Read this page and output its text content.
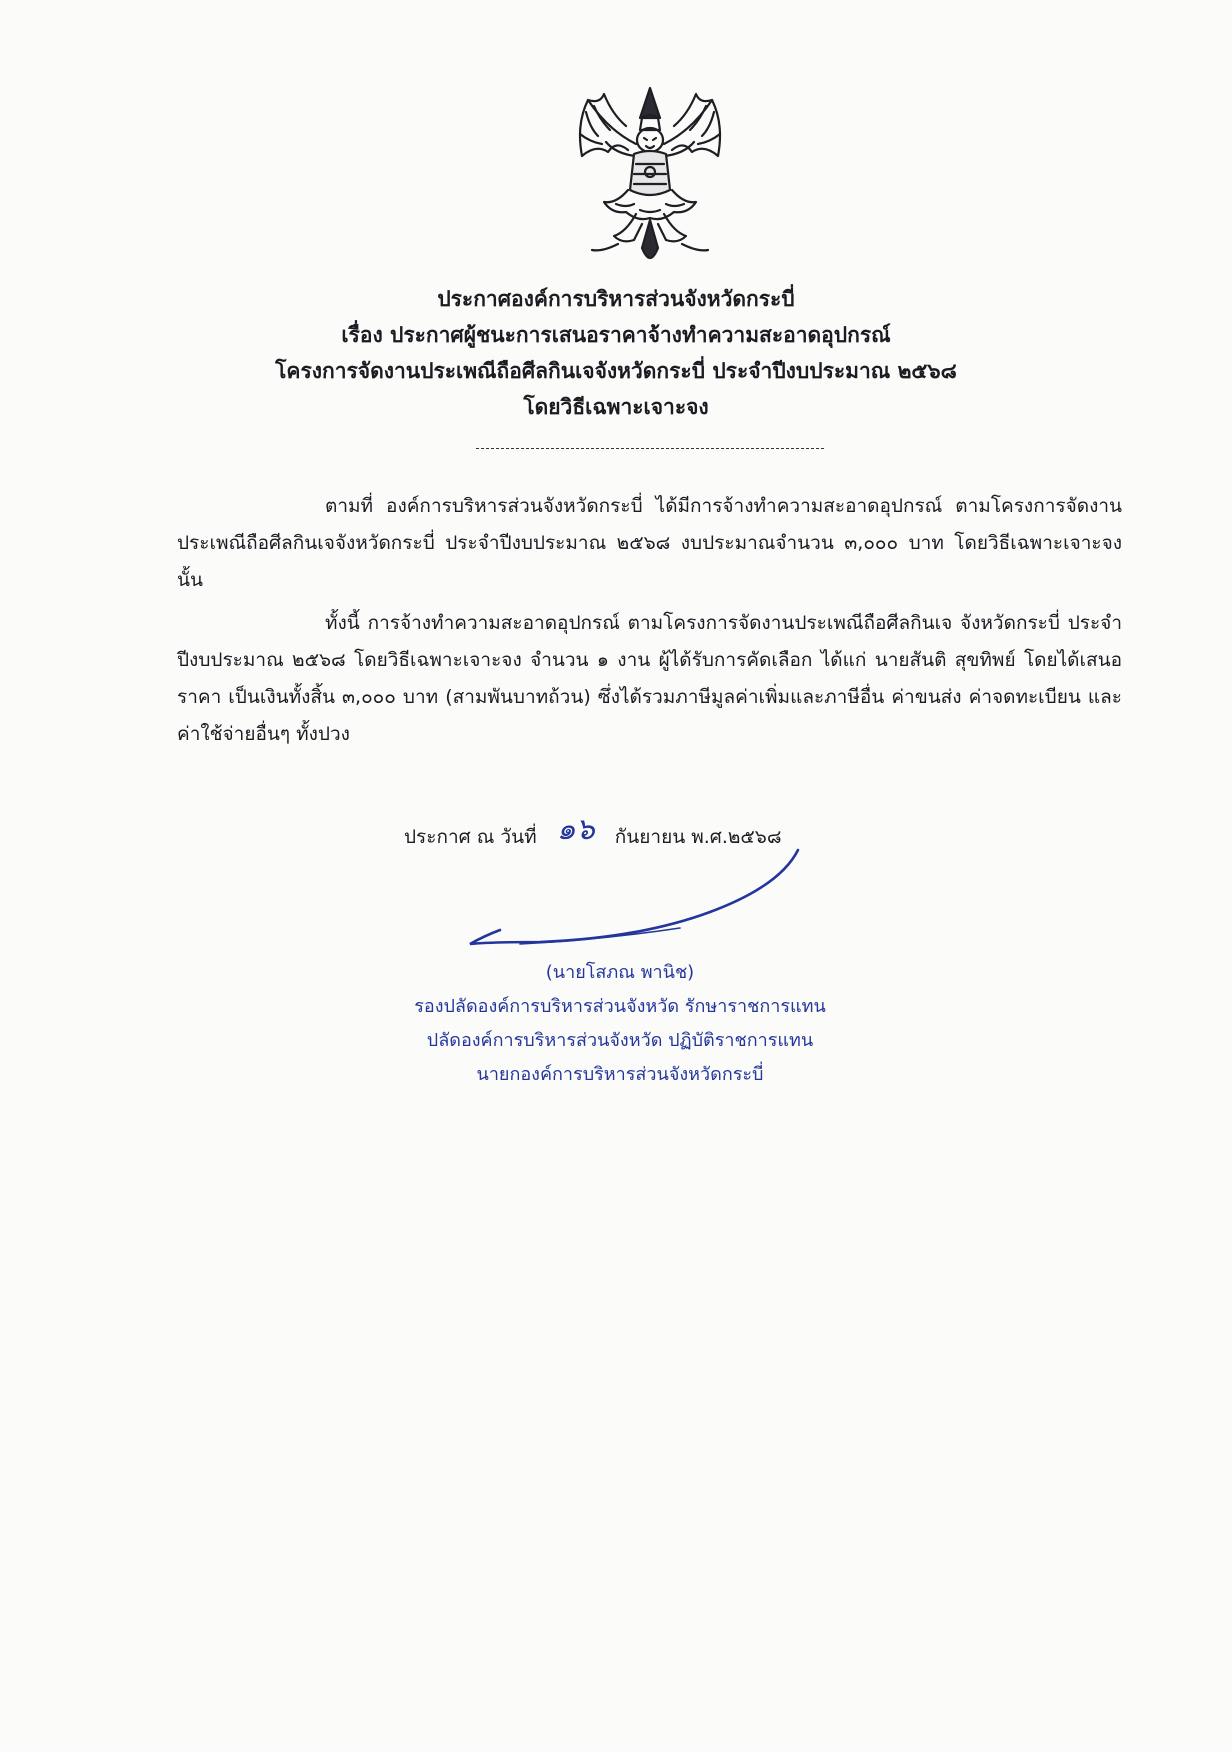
ประกาศองค์การบริหารส่วนจังหวัดกระบี่
เรื่อง ประกาศผู้ชนะการเสนอราคาจ้างทำความสะอาดอุปกรณ์
โครงการจัดงานประเพณีถือศีลกินเจจังหวัดกระบี่ ประจำปีงบประมาณ ๒๕๖๘
โดยวิธีเฉพาะเจาะจง

ตามที่ องค์การบริหารส่วนจังหวัดกระบี่ ได้มีการจ้างทำความสะอาดอุปกรณ์ ตามโครงการจัดงานประเพณีถือศีลกินเจจังหวัดกระบี่ ประจำปีงบประมาณ ๒๕๖๘ งบประมาณจำนวน ๓,๐๐๐ บาท โดยวิธีเฉพาะเจาะจง นั้น

ทั้งนี้ การจ้างทำความสะอาดอุปกรณ์ ตามโครงการจัดงานประเพณีถือศีลกินเจ จังหวัดกระบี่ ประจำปีงบประมาณ ๒๕๖๘ โดยวิธีเฉพาะเจาะจง จำนวน ๑ งาน ผู้ได้รับการคัดเลือก ได้แก่ นายสันติ สุขทิพย์ โดยได้เสนอราคา เป็นเงินทั้งสิ้น ๓,๐๐๐ บาท (สามพันบาทถ้วน) ซึ่งได้รวมภาษีมูลค่าเพิ่มและภาษีอื่น ค่าขนส่ง ค่าจดทะเบียน และค่าใช้จ่ายอื่นๆ ทั้งปวง

ประกาศ ณ วันที่ ๑๖ กันยายน พ.ศ.๒๕๖๘
(นายโสภณ พานิช)
รองปลัดองค์การบริหารส่วนจังหวัด รักษาราชการแทน
ปลัดองค์การบริหารส่วนจังหวัด ปฏิบัติราชการแทน
นายกองค์การบริหารส่วนจังหวัดกระบี่
